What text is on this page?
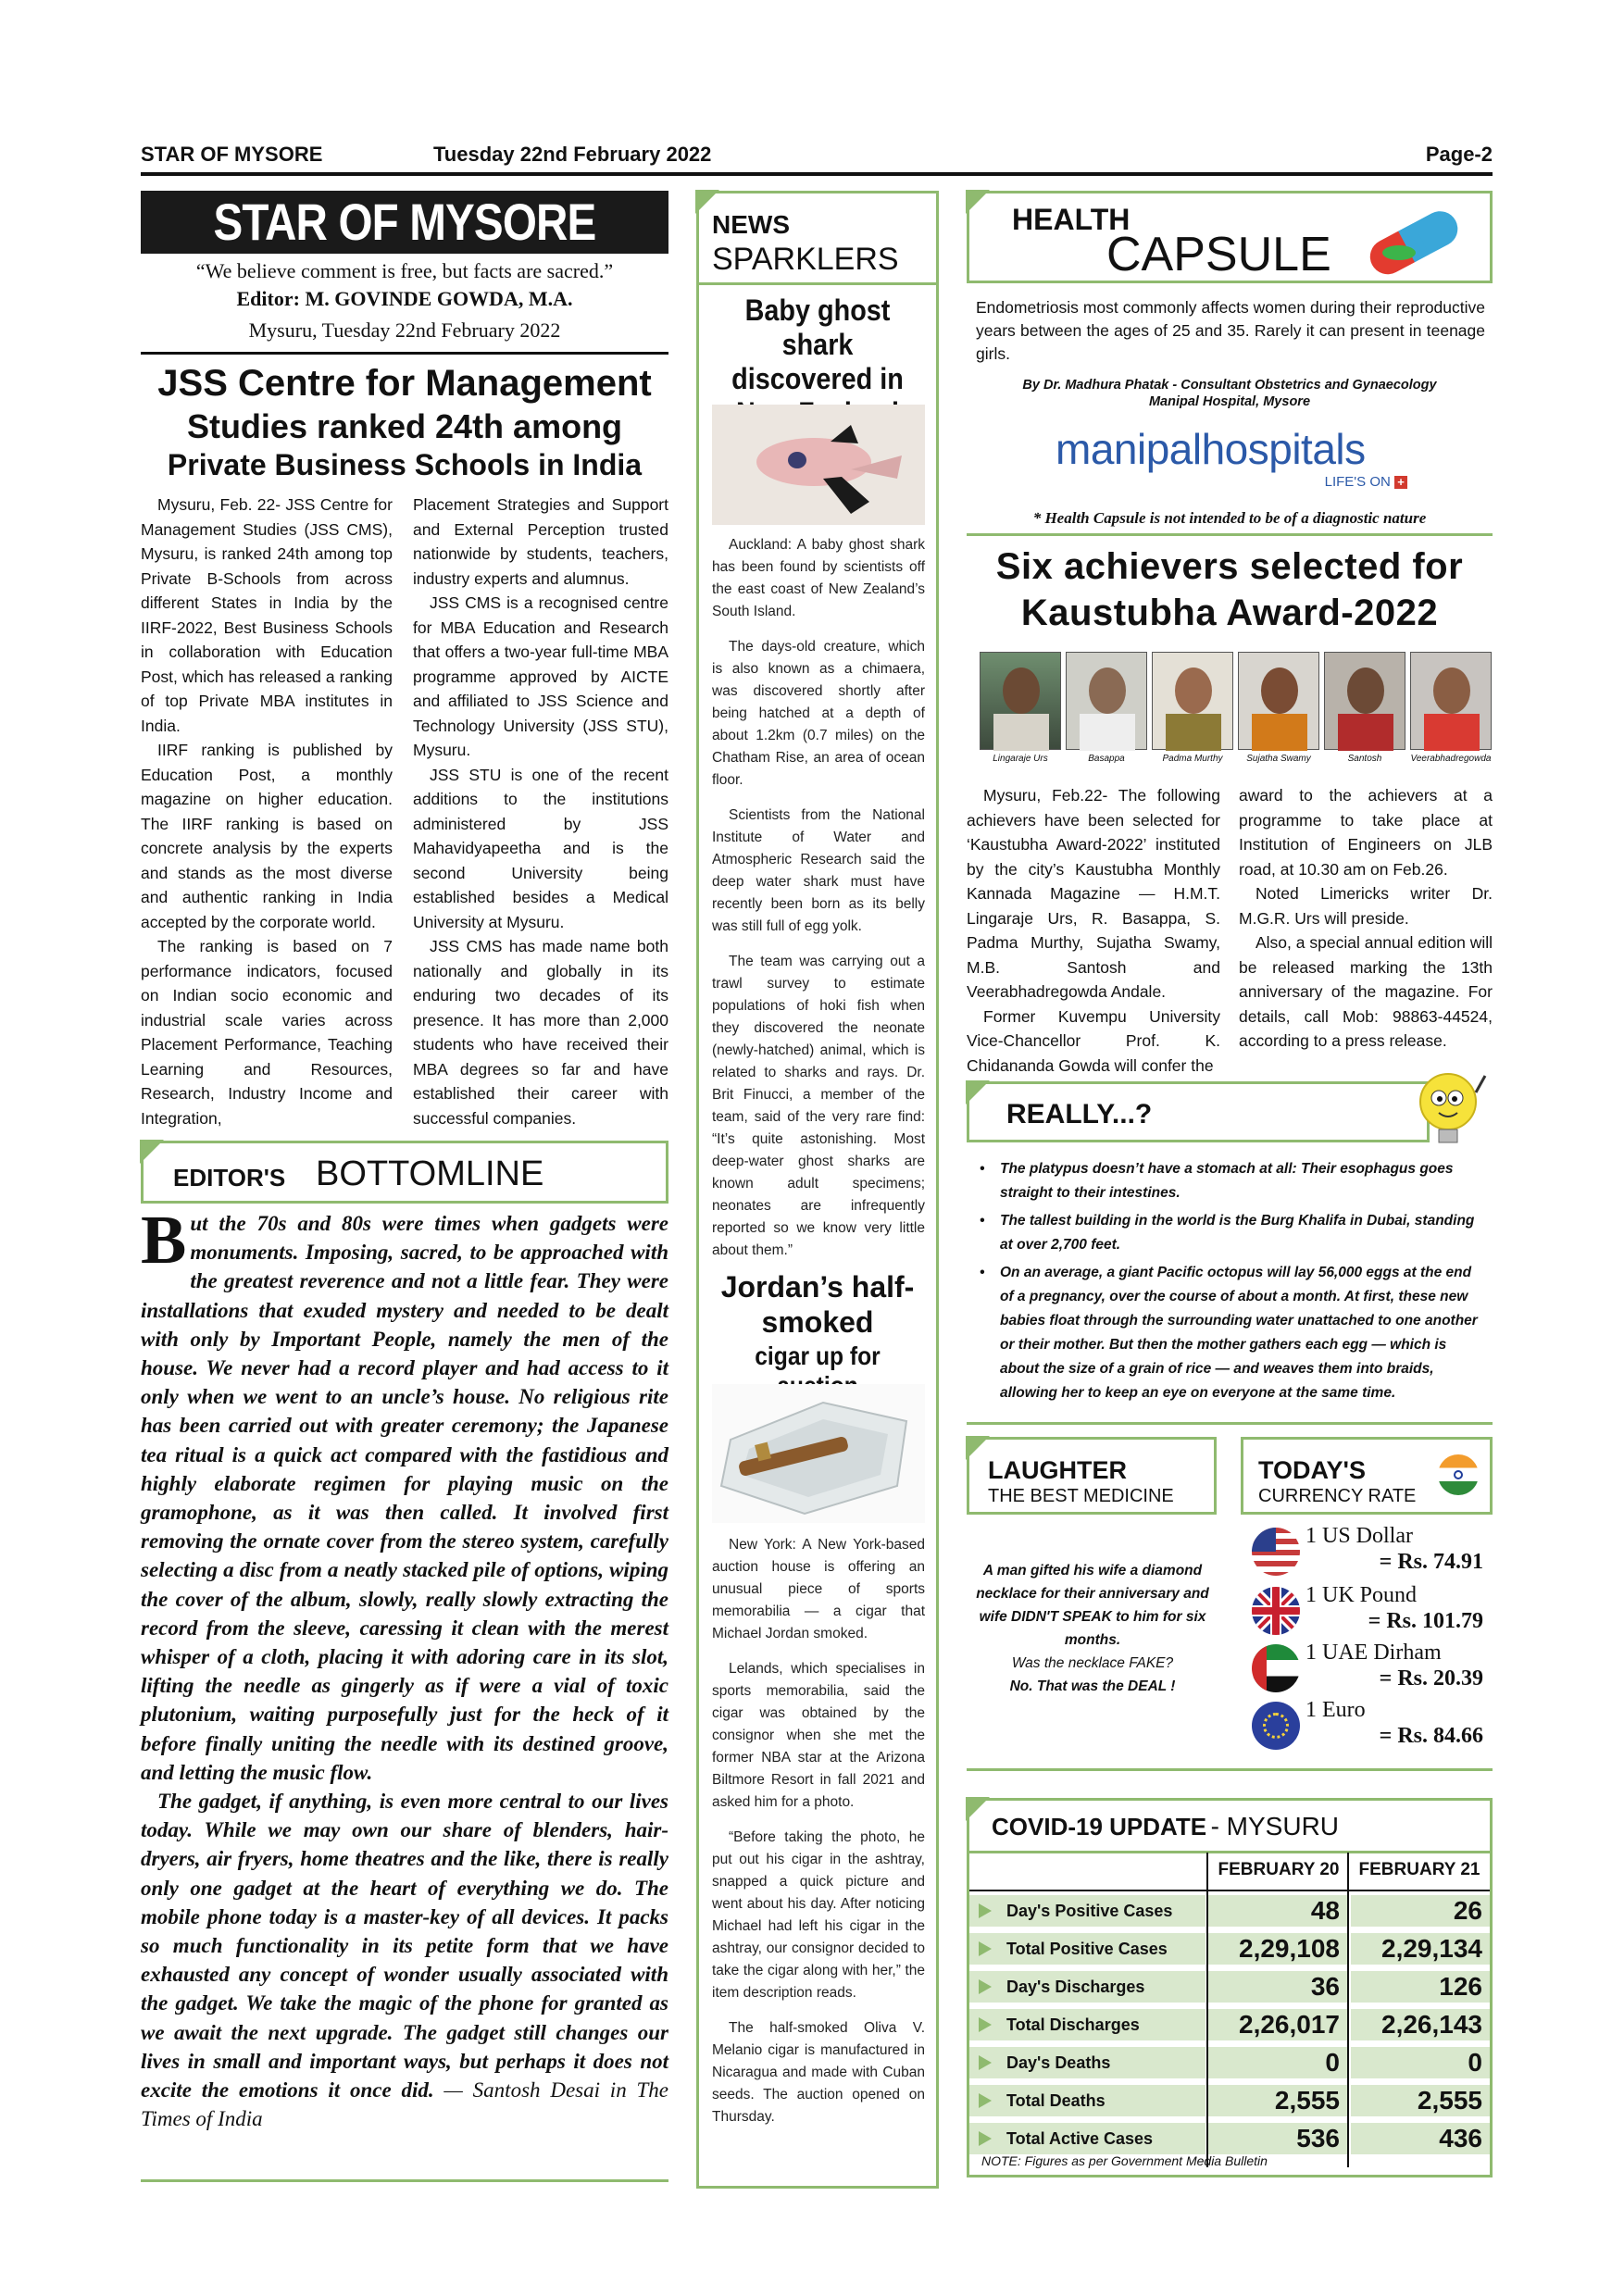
STAR OF MYSORE	Tuesday 22nd February 2022	Page-2
STAR OF MYSORE
“We believe comment is free, but facts are sacred.”
Editor: M. GOVINDE GOWDA, M.A.
Mysuru, Tuesday 22nd February 2022
JSS Centre for Management
Studies ranked 24th among
Private Business Schools in India

Mysuru, Feb. 22- JSS Centre for Management Studies (JSS CMS), Mysuru, is ranked 24th among top Private B-Schools from across different States in India by the IIRF-2022, Best Business Schools in collaboration with Education Post, which has released a ranking of top Private MBA institutes in India.

IIRF ranking is published by Education Post, a monthly magazine on higher education. The IIRF ranking is based on concrete analysis by the experts and stands as the most diverse and authentic ranking in India accepted by the corporate world.

The ranking is based on 7 performance indicators, focused on Indian socio economic and industrial scale varies across Placement Performance, Teaching Learning and Resources, Research, Industry Income and Integration,

Placement Strategies and Support and External Perception trusted nationwide by students, teachers, industry experts and alumnus.

JSS CMS is a recognised centre for MBA Education and Research that offers a two-year full-time MBA programme approved by AICTE and affiliated to JSS Science and Technology University (JSS STU), Mysuru.

JSS STU is one of the recent additions to the institutions administered by JSS Mahavidyapeetha and is the second University being established besides a Medical University at Mysuru.

JSS CMS has made name both nationally and globally in its enduring two decades of its presence. It has more than 2,000 students who have received their MBA degrees so far and have established their career with successful companies.

EDITOR'S BOTTOMLINE
But the 70s and 80s were times when gadgets were monuments. Imposing, sacred, to be approached with the greatest reverence and not a little fear. They were installations that exuded mystery and needed to be dealt with only by Important People, namely the men of the house. We never had a record player and had access to it only when we went to an uncle’s house. No religious rite has been carried out with greater ceremony; the Japanese tea ritual is a quick act compared with the fastidious and highly elaborate regimen for playing music on the gramophone, as it was then called. It involved first removing the ornate cover from the stereo system, carefully selecting a disc from a neatly stacked pile of options, wiping the cover of the album, slowly, really slowly extracting the record from the sleeve, caressing it clean with the merest whisper of a cloth, placing it with adoring care in its slot, lifting the needle as gingerly as if were a vial of toxic plutonium, waiting purposefully just for the heck of it before finally uniting the needle with its destined groove, and letting the music flow.
The gadget, if anything, is even more central to our lives today. While we may own our share of blenders, hair-dryers, air fryers, home theatres and the like, there is really only one gadget at the heart of everything we do. The mobile phone today is a master-key of all devices. It packs so much functionality in its petite form that we have exhausted any concept of wonder usually associated with the gadget. We take the magic of the phone for granted as we await the next upgrade. The gadget still changes our lives in small and important ways, but perhaps it does not excite the emotions it once did. — Santosh Desai in The Times of India
NEWS
SPARKLERS
Baby ghost shark discovered in

Auckland: A baby ghost shark has been found by scientists off the east coast of New Zealand’s South Island.

The days-old creature, which is also known as a chimaera, was discovered shortly after being hatched at a depth of about 1.2km (0.7 miles) on the Chatham Rise, an area of ocean floor.

Scientists from the National Institute of Water and Atmospheric Research said the deep water shark must have recently been born as its belly was still full of egg yolk.

The team was carrying out a trawl survey to estimate populations of hoki fish when they discovered the neonate (newly-hatched) animal, which is related to sharks and rays. Dr. Brit Finucci, a member of the team, said of the very rare find: “It’s quite astonishing. Most deep-water ghost sharks are known adult specimens; neonates are infrequently reported so we know very little about them.”

Jordan’s half-smoked
cigar up for

New York: A New York-based auction house is offering an unusual piece of sports memorabilia — a cigar that Michael Jordan smoked.

Lelands, which specialises in sports memorabilia, said the cigar was obtained by the consignor when she met the former NBA star at the Arizona Biltmore Resort in fall 2021 and asked him for a photo.

“Before taking the photo, he put out his cigar in the ashtray, snapped a quick picture and went about his day. After noticing Michael had left his cigar in the ashtray, our consignor decided to take the cigar along with her,” the item description reads.

The half-smoked Oliva V. Melanio cigar is manufactured in Nicaragua and made with Cuban seeds. The auction opened on Thursday.

HEALTH
CAPSULE
Endometriosis most commonly affects women during their reproductive years between the ages of 25 and 35. Rarely it can present in teenage girls.
By Dr. Madhura Phatak - Consultant Obstetrics and Gynaecology
Manipal Hospital, Mysore
manipalhospitals
LIFE'S ON +
* Health Capsule is not intended to be of a diagnostic nature
Six achievers selected for
Kaustubha Award-2022
Lingaraje Urs	Basappa	Padma Murthy	Sujatha Swamy	Santosh	Veerabhadregowda

Mysuru, Feb.22- The following achievers have been selected for ‘Kaustubha Award-2022’ instituted by the city’s Kaustubha Monthly Kannada Magazine — H.M.T. Lingaraje Urs, R. Basappa, S. Padma Murthy, Sujatha Swamy, M.B. Santosh and Veerabhadregowda Andale.

Former Kuvempu University Vice-Chancellor Prof. K. Chidananda Gowda will confer the

award to the achievers at a programme to take place at Institution of Engineers on JLB road, at 10.30 am on Feb.26.

Noted Limericks writer Dr. M.G.R. Urs will preside.

Also, a special annual edition will be released marking the 13th anniversary of the magazine. For details, call Mob: 98863-44524, according to a press release.

REALLY...?
• The platypus doesn’t have a stomach at all: Their esophagus goes straight to their intestines.
• The tallest building in the world is the Burg Khalifa in Dubai, standing at over 2,700 feet.
• On an average, a giant Pacific octopus will lay 56,000 eggs at the end of a pregnancy, over the course of about a month. At first, these new babies float through the surrounding water unattached to one another or their mother. But then the mother gathers each egg — which is about the size of a grain of rice — and weaves them into braids, allowing her to keep an eye on everyone at the same time.
LAUGHTER
THE BEST MEDICINE
A man gifted his wife a diamond necklace for their anniversary and wife DIDN'T SPEAK to him for six months.
Was the necklace FAKE?
No. That was the DEAL !
TODAY'S
CURRENCY RATE
1 US Dollar
= Rs. 74.91
1 UK Pound
= Rs. 101.79
1 UAE Dirham
= Rs. 20.39
1 Euro
= Rs. 84.66
COVID-19 UPDATE - MYSURU
FEBRUARY 20	FEBRUARY 21
Day's Positive Cases	48	26
Total Positive Cases	2,29,108	2,29,134
Day's Discharges	36	126
Total Discharges	2,26,017	2,26,143
Day's Deaths	0	0
Total Deaths	2,555	2,555
Total Active Cases	536	436
NOTE: Figures as per Government Media Bulletin
